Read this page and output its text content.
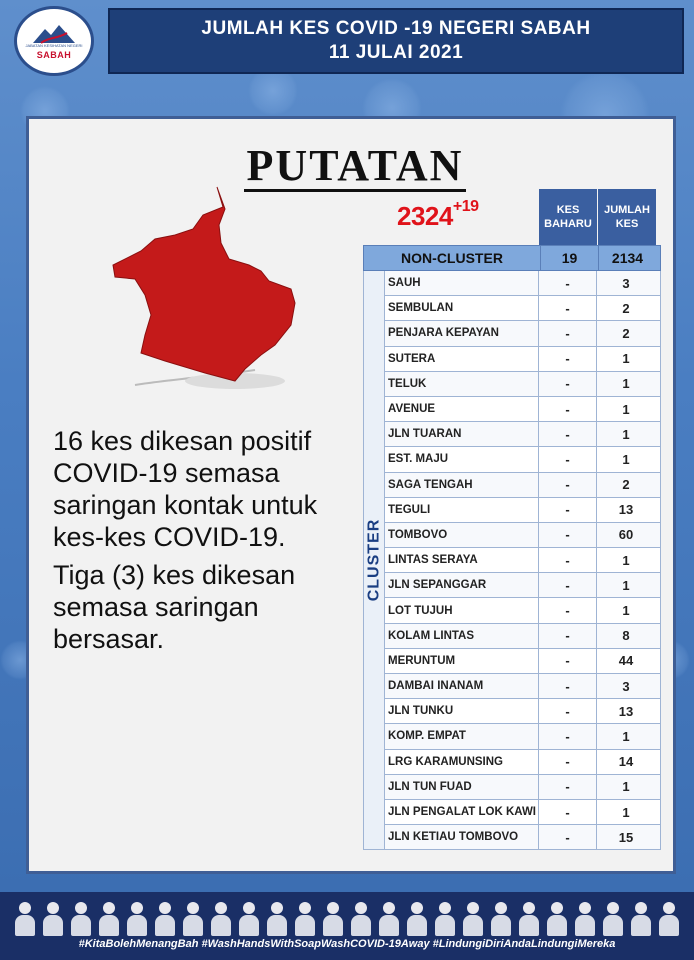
JABATAN KESIHATAN NEGERI
SABAH
JUMLAH KES COVID -19 NEGERI SABAH
11 JULAI 2021
PUTATAN
$2324^{+19}$

16 kes dikesan positif COVID-19 semasa saringan kontak untuk kes-kes COVID-19.

Tiga (3) kes dikesan semasa saringan bersasar.

KES BAHARU
JUMLAH KES
NON-CLUSTER	19	2134
CLUSTER
SAUH	-	3
SEMBULAN	-	2
PENJARA KEPAYAN	-	2
SUTERA	-	1
TELUK	-	1
AVENUE	-	1
JLN TUARAN	-	1
EST. MAJU	-	1
SAGA TENGAH	-	2
TEGULI	-	13
TOMBOVO	-	60
LINTAS SERAYA	-	1
JLN SEPANGGAR	-	1
LOT TUJUH	-	1
KOLAM LINTAS	-	8
MERUNTUM	-	44
DAMBAI INANAM	-	3
JLN TUNKU	-	13
KOMP. EMPAT	-	1
LRG KARAMUNSING	-	14
JLN TUN FUAD	-	1
JLN PENGALAT LOK KAWI	-	1
JLN KETIAU TOMBOVO	-	15
#KitaBolehMenangBah #WashHandsWithSoapWashCOVID-19Away #LindungiDiriAndaLindungiMereka
